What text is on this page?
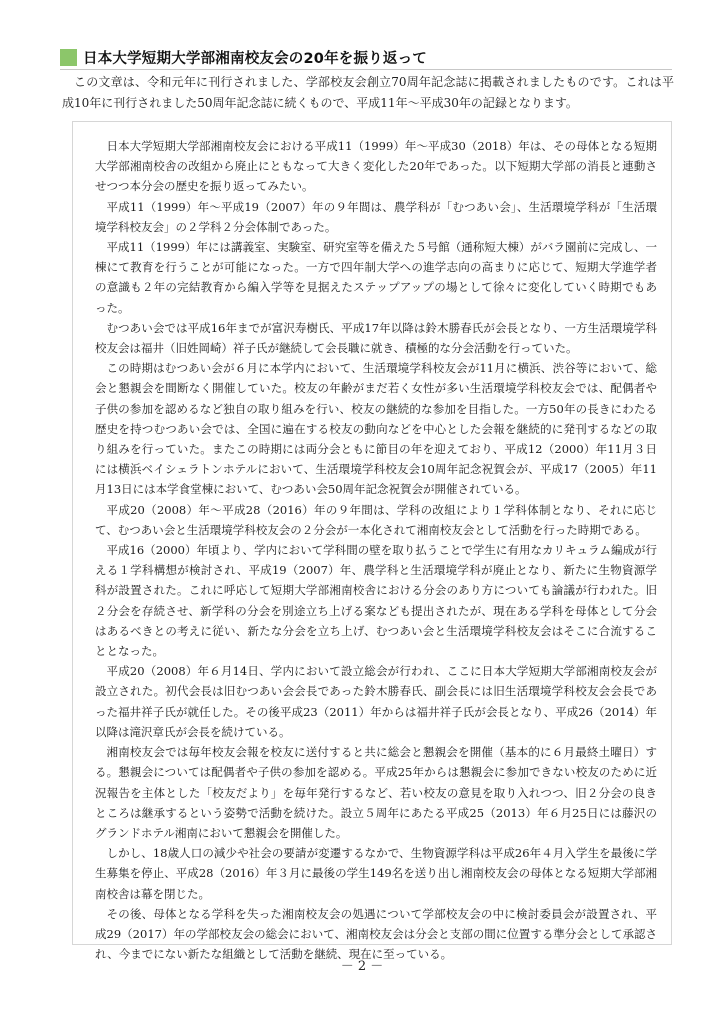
日本大学短期大学部湘南校友会の20年を振り返って

この文章は、令和元年に刊行されました、学部校友会創立70周年記念誌に掲載されましたものです。これは平成10年に刊行されました50周年記念誌に続くもので、平成11年～平成30年の記録となります。

日本大学短期大学部湘南校友会における平成11（1999）年～平成30（2018）年は、その母体となる短期大学部湘南校舎の改組から廃止にともなって大きく変化した20年であった。以下短期大学部の消長と連動させつつ本分会の歴史を振り返ってみたい。

平成11（1999）年～平成19（2007）年の９年間は、農学科が「むつあい会」、生活環境学科が「生活環境学科校友会」の２学科２分会体制であった。

平成11（1999）年には講義室、実験室、研究室等を備えた５号館（通称短大棟）がバラ園前に完成し、一棟にて教育を行うことが可能になった。一方で四年制大学への進学志向の高まりに応じて、短期大学進学者の意識も２年の完結教育から編入学等を見据えたステップアップの場として徐々に変化していく時期でもあった。

むつあい会では平成16年までが富沢寿樹氏、平成17年以降は鈴木勝春氏が会長となり、一方生活環境学科校友会は福井（旧姓岡崎）祥子氏が継続して会長職に就き、積極的な分会活動を行っていた。

この時期はむつあい会が６月に本学内において、生活環境学科校友会が11月に横浜、渋谷等において、総会と懇親会を間断なく開催していた。校友の年齢がまだ若く女性が多い生活環境学科校友会では、配偶者や子供の参加を認めるなど独自の取り組みを行い、校友の継続的な参加を目指した。一方50年の長きにわたる歴史を持つむつあい会では、全国に遍在する校友の動向などを中心とした会報を継続的に発刊するなどの取り組みを行っていた。またこの時期には両分会ともに節目の年を迎えており、平成12（2000）年11月３日には横浜ベイシェラトンホテルにおいて、生活環境学科校友会10周年記念祝賀会が、平成17（2005）年11月13日には本学食堂棟において、むつあい会50周年記念祝賀会が開催されている。

平成20（2008）年～平成28（2016）年の９年間は、学科の改組により１学科体制となり、それに応じて、むつあい会と生活環境学科校友会の２分会が一本化されて湘南校友会として活動を行った時期である。

平成16（2000）年頃より、学内において学科間の壁を取り払うことで学生に有用なカリキュラム編成が行える１学科構想が検討され、平成19（2007）年、農学科と生活環境学科が廃止となり、新たに生物資源学科が設置された。これに呼応して短期大学部湘南校舎における分会のあり方についても論議が行われた。旧２分会を存続させ、新学科の分会を別途立ち上げる案なども提出されたが、現在ある学科を母体として分会はあるべきとの考えに従い、新たな分会を立ち上げ、むつあい会と生活環境学科校友会はそこに合流することとなった。

平成20（2008）年６月14日、学内において設立総会が行われ、ここに日本大学短期大学部湘南校友会が設立された。初代会長は旧むつあい会会長であった鈴木勝春氏、副会長には旧生活環境学科校友会会長であった福井祥子氏が就任した。その後平成23（2011）年からは福井祥子氏が会長となり、平成26（2014）年以降は滝沢章氏が会長を続けている。

湘南校友会では毎年校友会報を校友に送付すると共に総会と懇親会を開催（基本的に６月最終土曜日）する。懇親会については配偶者や子供の参加を認める。平成25年からは懇親会に参加できない校友のために近況報告を主体とした「校友だより」を毎年発行するなど、若い校友の意見を取り入れつつ、旧２分会の良きところは継承するという姿勢で活動を続けた。設立５周年にあたる平成25（2013）年６月25日には藤沢のグランドホテル湘南において懇親会を開催した。

しかし、18歳人口の減少や社会の要請が変遷するなかで、生物資源学科は平成26年４月入学生を最後に学生募集を停止、平成28（2016）年３月に最後の学生149名を送り出し湘南校友会の母体となる短期大学部湘南校舎は幕を閉じた。

その後、母体となる学科を失った湘南校友会の処遇について学部校友会の中に検討委員会が設置され、平成29（2017）年の学部校友会の総会において、湘南校友会は分会と支部の間に位置する準分会として承認され、今までにない新たな組織として活動を継続、現在に至っている。

－ 2 －
